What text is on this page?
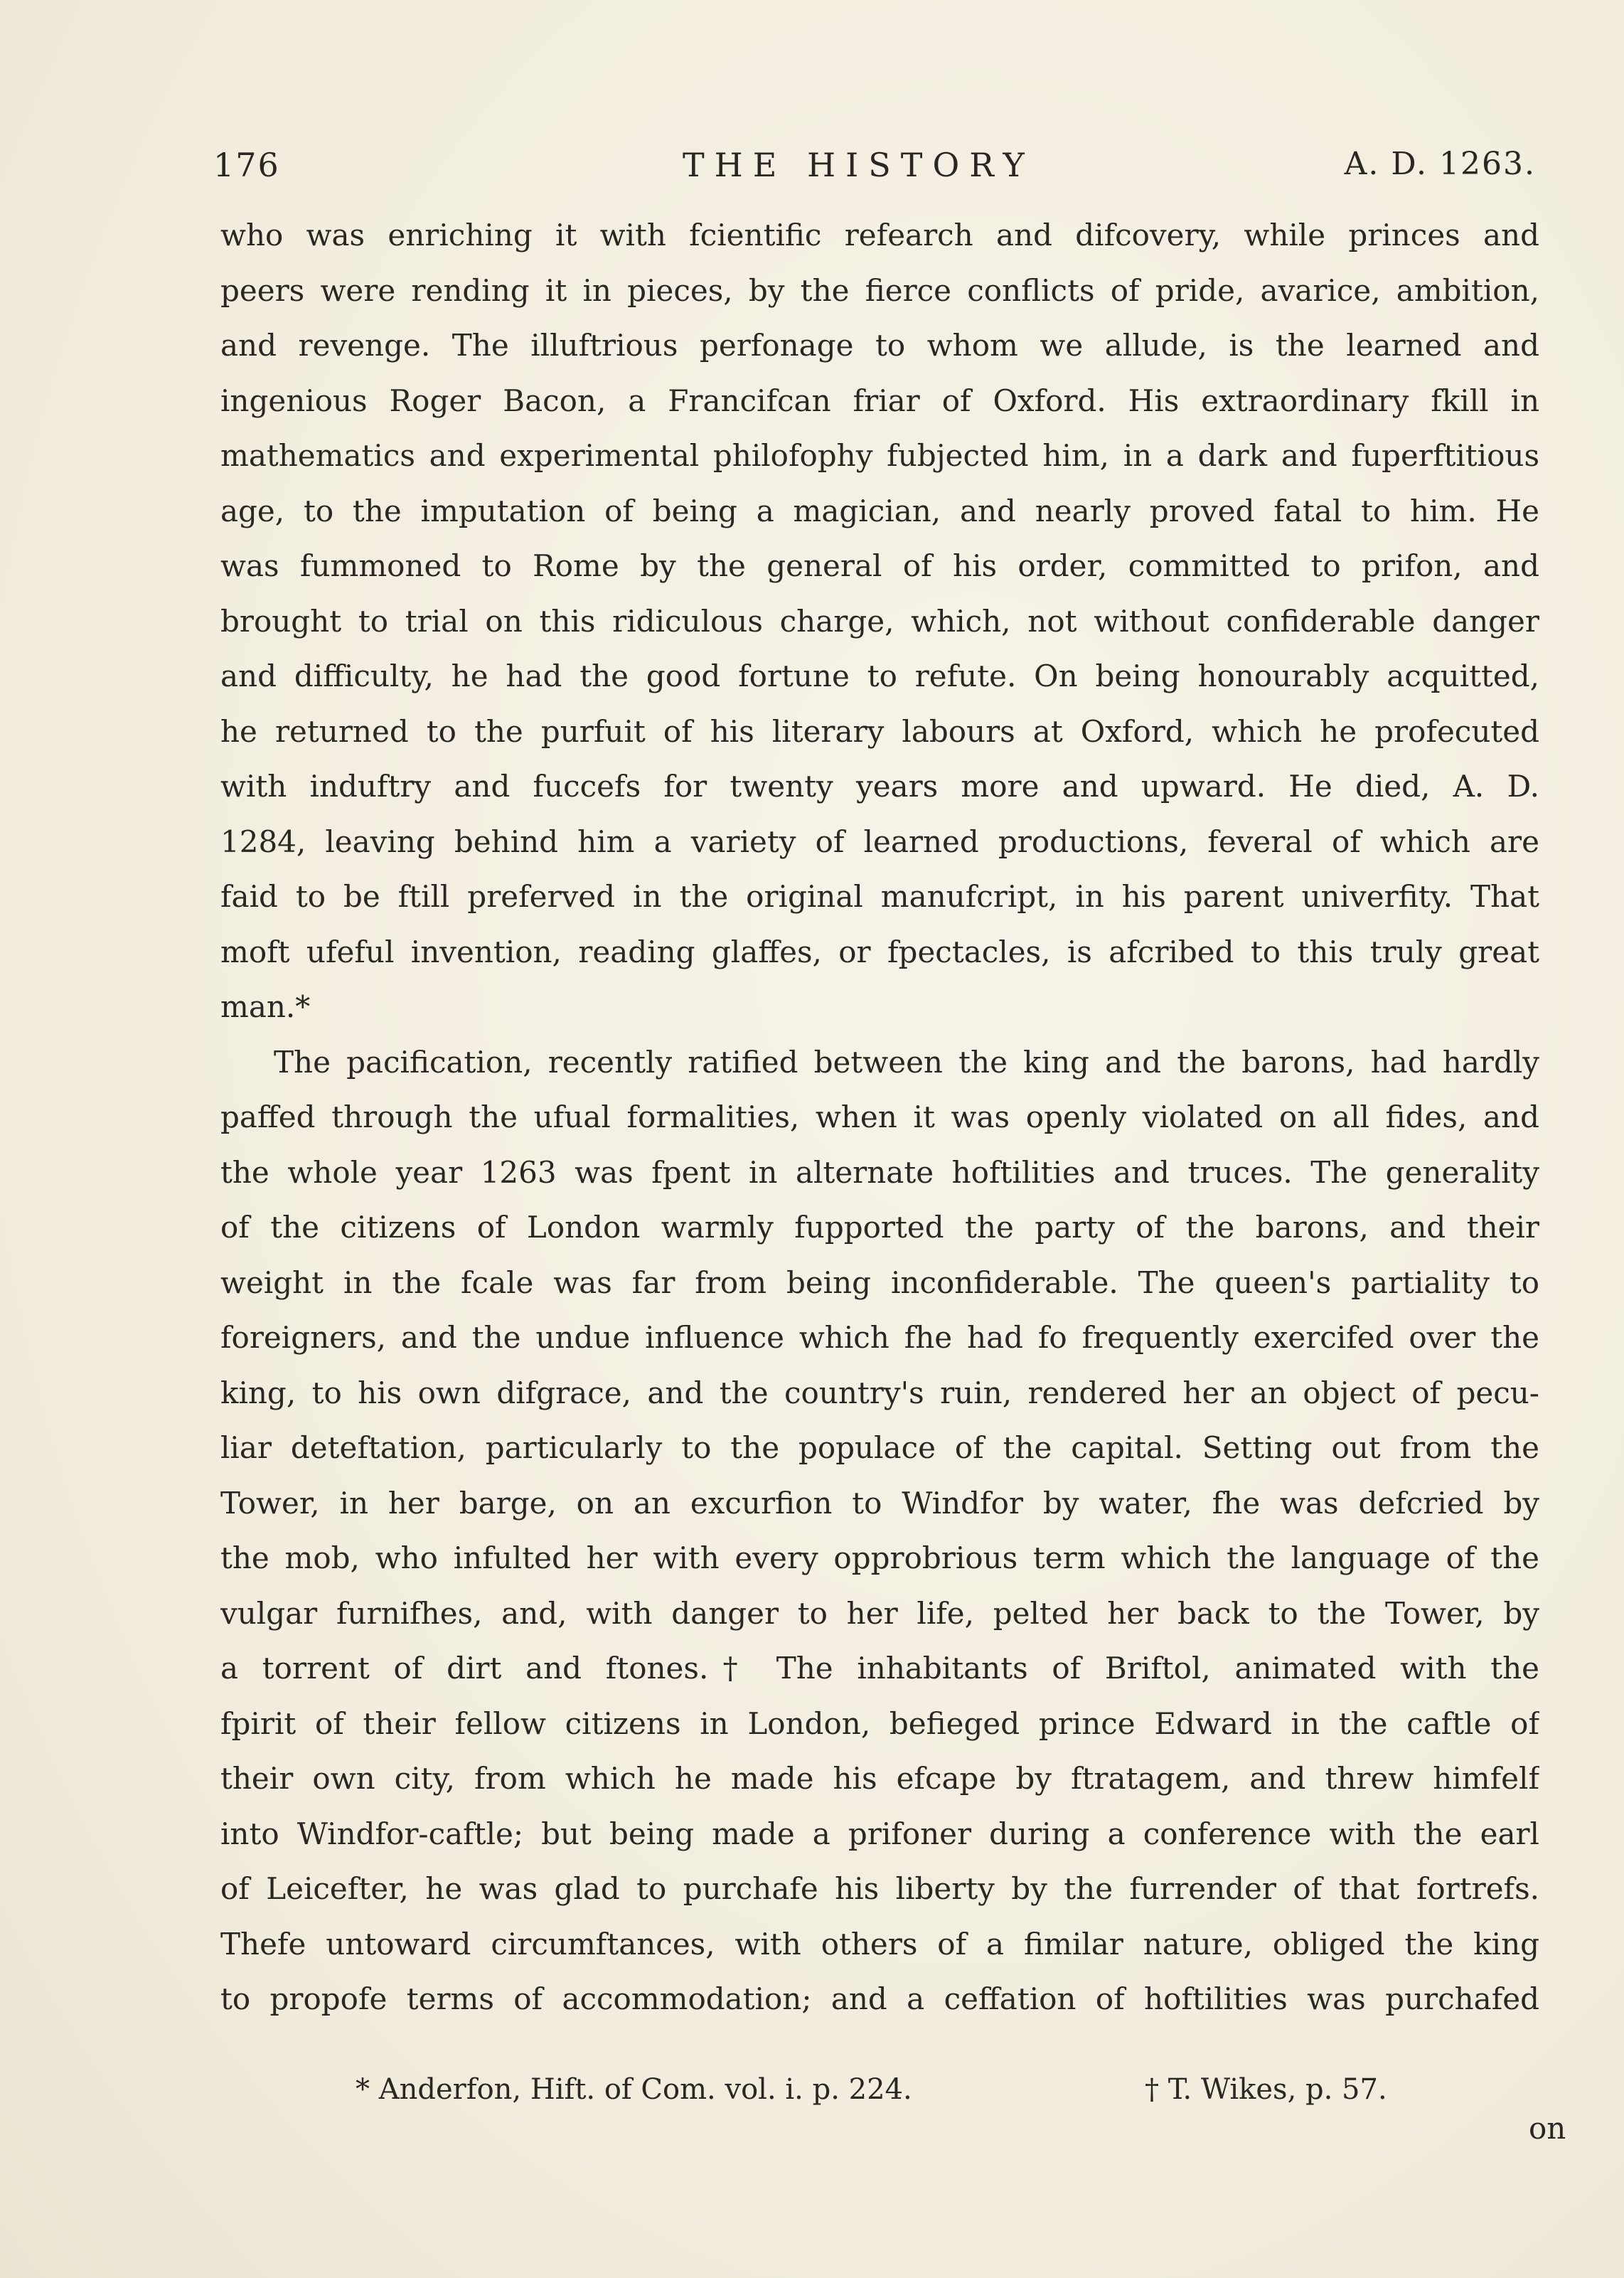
176	THE HISTORY	A. D. 1263.
who was enriching it with fcientific refearch and difcovery, while princes and
peers were rending it in pieces, by the fierce conflicts of pride, avarice, ambition,
and revenge. The illuftrious perfonage to whom we allude, is the learned and
ingenious Roger Bacon, a Francifcan friar of Oxford. His extraordinary fkill in
mathematics and experimental philofophy fubjected him, in a dark and fuperftitious
age, to the imputation of being a magician, and nearly proved fatal to him. He
was fummoned to Rome by the general of his order, committed to prifon, and
brought to trial on this ridiculous charge, which, not without confiderable danger
and difficulty, he had the good fortune to refute. On being honourably acquitted,
he returned to the purfuit of his literary labours at Oxford, which he profecuted
with induftry and fuccefs for twenty years more and upward. He died, A. D.
1284, leaving behind him a variety of learned productions, feveral of which are
faid to be ftill preferved in the original manufcript, in his parent univerfity. That
moft ufeful invention, reading glaffes, or fpectacles, is afcribed to this truly great
man.*
The pacification, recently ratified between the king and the barons, had hardly
paffed through the ufual formalities, when it was openly violated on all fides, and
the whole year 1263 was fpent in alternate hoftilities and truces. The generality
of the citizens of London warmly fupported the party of the barons, and their
weight in the fcale was far from being inconfiderable. The queen's partiality to
foreigners, and the undue influence which fhe had fo frequently exercifed over the
king, to his own difgrace, and the country's ruin, rendered her an object of pecu-
liar deteftation, particularly to the populace of the capital. Setting out from the
Tower, in her barge, on an excurfion to Windfor by water, fhe was defcried by
the mob, who infulted her with every opprobrious term which the language of the
vulgar furnifhes, and, with danger to her life, pelted her back to the Tower, by
a torrent of dirt and ftones.† The inhabitants of Briftol, animated with the
fpirit of their fellow citizens in London, befieged prince Edward in the caftle of
their own city, from which he made his efcape by ftratagem, and threw himfelf
into Windfor-caftle; but being made a prifoner during a conference with the earl
of Leicefter, he was glad to purchafe his liberty by the furrender of that fortrefs.
Thefe untoward circumftances, with others of a fimilar nature, obliged the king
to propofe terms of accommodation; and a ceffation of hoftilities was purchafed
* Anderfon, Hift. of Com. vol. i. p. 224.	† T. Wikes, p. 57.
on
